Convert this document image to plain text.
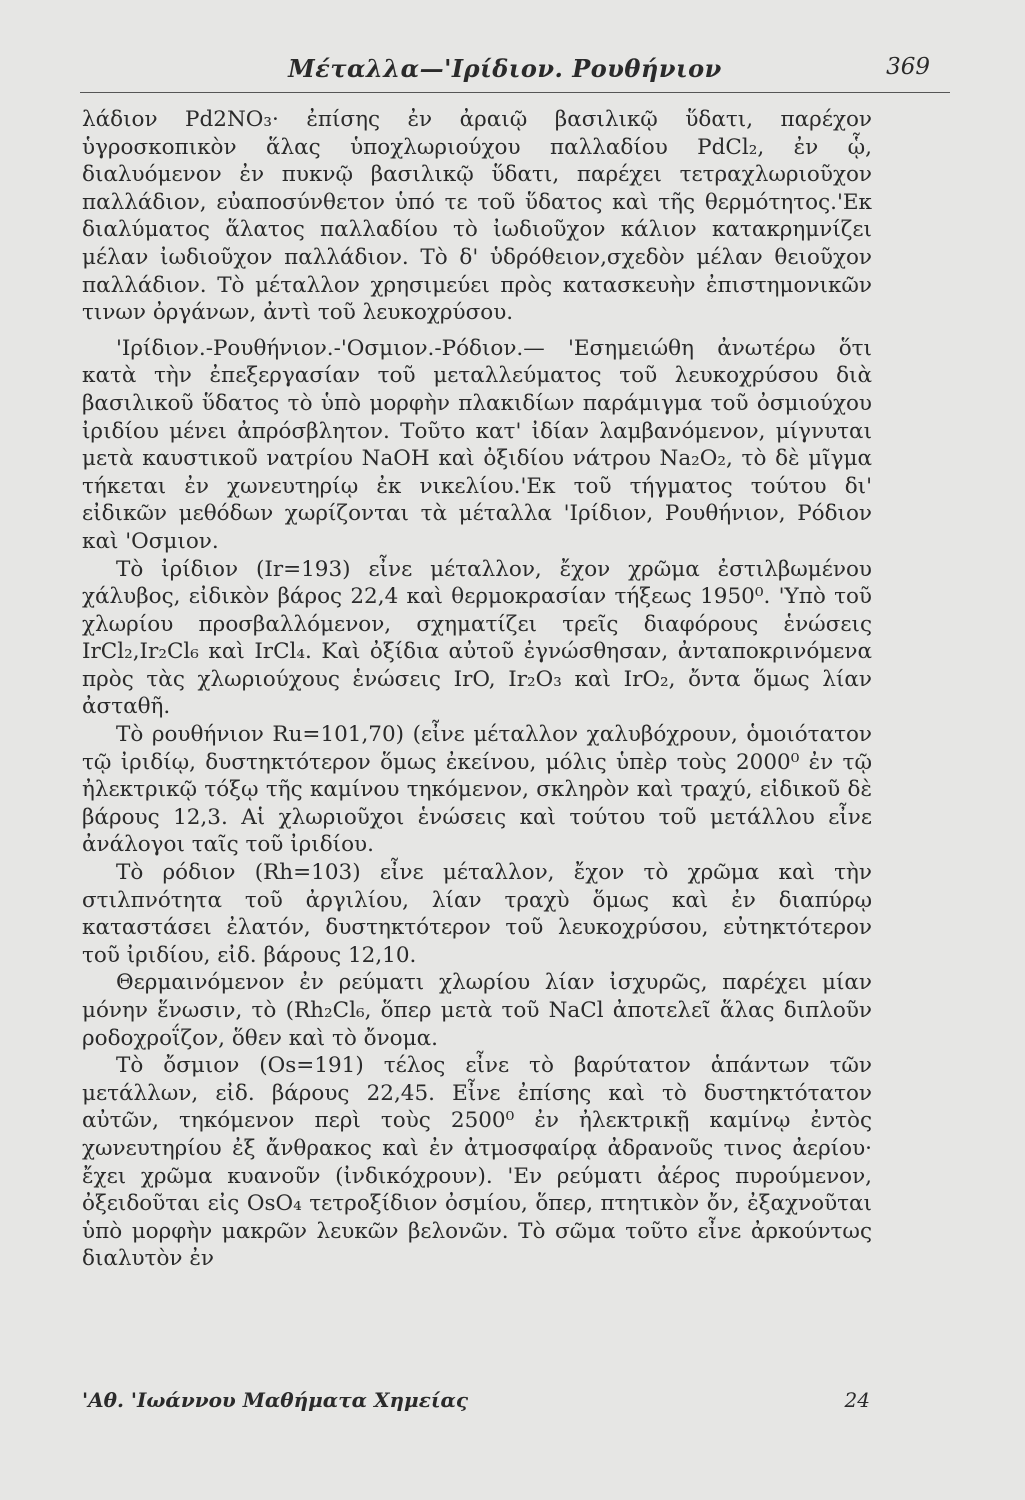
Μέταλλα—'Ιρίδιον. Ρουθήνιον	369

λάδιον Pd2NO₃· ἐπίσης ἐν ἀραιῷ βασιλικῷ ὕδατι, παρέχον ὑγροσκοπικὸν ἅλας ὑποχλωριούχου παλλαδίου PdCl₂, ἐν ᾧ, διαλυόμενον ἐν πυκνῷ βασιλικῷ ὕδατι, παρέχει τετραχλωριοῦχον παλλάδιον, εὐαποσύνθετον ὑπό τε τοῦ ὕδατος καὶ τῆς θερμότητος.'Εκ διαλύματος ἅλατος παλλαδίου τὸ ἰωδιοῦχον κάλιον κατακρημνίζει μέλαν ἰωδιοῦχον παλλάδιον. Τὸ δ' ὑδρόθειον,σχεδὸν μέλαν θειοῦχον παλλάδιον. Τὸ μέταλλον χρησιμεύει πρὸς κατασκευὴν ἐπιστημονικῶν τινων ὀργάνων, ἀντὶ τοῦ λευκοχρύσου.

'Ιρίδιον.-Ρουθήνιον.-'Οσμιον.-Ρόδιον.— 'Εσημειώθη ἀνωτέρω ὅτι κατὰ τὴν ἐπεξεργασίαν τοῦ μεταλλεύματος τοῦ λευκοχρύσου διὰ βασιλικοῦ ὕδατος τὸ ὑπὸ μορφὴν πλακιδίων παράμιγμα τοῦ ὀσμιούχου ἰριδίου μένει ἀπρόσβλητον. Τοῦτο κατ' ἰδίαν λαμβανόμενον, μίγνυται μετὰ καυστικοῦ νατρίου NaOH καὶ ὀξιδίου νάτρου Na₂O₂, τὸ δὲ μῖγμα τήκεται ἐν χωνευτηρίῳ ἐκ νικελίου.'Εκ τοῦ τήγματος τούτου δι' εἰδικῶν μεθόδων χωρίζονται τὰ μέταλλα 'Ιρίδιον, Ρουθήνιον, Ρόδιον καὶ 'Οσμιον.

Τὸ ἰρίδιον (Ir=193) εἶνε μέταλλον, ἔχον χρῶμα ἐστιλβωμένου χάλυβος, εἰδικὸν βάρος 22,4 καὶ θερμοκρασίαν τήξεως 1950⁰. 'Υπὸ τοῦ χλωρίου προσβαλλόμενον, σχηματίζει τρεῖς διαφόρους ἑνώσεις IrCl₂,Ir₂Cl₆ καὶ IrCl₄. Καὶ ὀξίδια αὐτοῦ ἐγνώσθησαν, ἀνταποκρινόμενα πρὸς τὰς χλωριούχους ἑνώσεις IrO, Ir₂O₃ καὶ IrO₂, ὄντα ὅμως λίαν ἀσταθῆ.

Τὸ ρουθήνιον Ru=101,70) (εἶνε μέταλλον χαλυβόχρουν, ὁμοιότατον τῷ ἰριδίῳ, δυστηκτότερον ὅμως ἐκείνου, μόλις ὑπὲρ τοὺς 2000⁰ ἐν τῷ ἠλεκτρικῷ τόξῳ τῆς καμίνου τηκόμενον, σκληρὸν καὶ τραχύ, εἰδικοῦ δὲ βάρους 12,3. Αἱ χλωριοῦχοι ἑνώσεις καὶ τούτου τοῦ μετάλλου εἶνε ἀνάλογοι ταῖς τοῦ ἰριδίου.

Τὸ ρόδιον (Rh=103) εἶνε μέταλλον, ἔχον τὸ χρῶμα καὶ τὴν στιλπνότητα τοῦ ἀργιλίου, λίαν τραχὺ ὅμως καὶ ἐν διαπύρῳ καταστάσει ἐλατόν, δυστηκτότερον τοῦ λευκοχρύσου, εὐτηκτότερον τοῦ ἰριδίου, εἰδ. βάρους 12,10.

Θερμαινόμενον ἐν ρεύματι χλωρίου λίαν ἰσχυρῶς, παρέχει μίαν μόνην ἕνωσιν, τὸ (Rh₂Cl₆, ὅπερ μετὰ τοῦ NaCl ἀποτελεῖ ἅλας διπλοῦν ροδοχροΐζον, ὅθεν καὶ τὸ ὄνομα.

Τὸ ὄσμιον (Os=191) τέλος εἶνε τὸ βαρύτατον ἁπάντων τῶν μετάλλων, εἰδ. βάρους 22,45. Εἶνε ἐπίσης καὶ τὸ δυστηκτότατον αὐτῶν, τηκόμενον περὶ τοὺς 2500⁰ ἐν ἠλεκτρικῇ καμίνῳ ἐντὸς χωνευτηρίου ἐξ ἄνθρακος καὶ ἐν ἀτμοσφαίρᾳ ἀδρανοῦς τινος ἀερίου· ἔχει χρῶμα κυανοῦν (ἰνδικόχρουν). 'Εν ρεύματι ἀέρος πυρούμενον, ὀξειδοῦται εἰς OsO₄ τετροξίδιον ὀσμίου, ὅπερ, πτητικὸν ὄν, ἐξαχνοῦται ὑπὸ μορφὴν μακρῶν λευκῶν βελονῶν. Τὸ σῶμα τοῦτο εἶνε ἀρκούντως διαλυτὸν ἐν

'Αθ. 'Ιωάννου Μαθήματα Χημείας	24
